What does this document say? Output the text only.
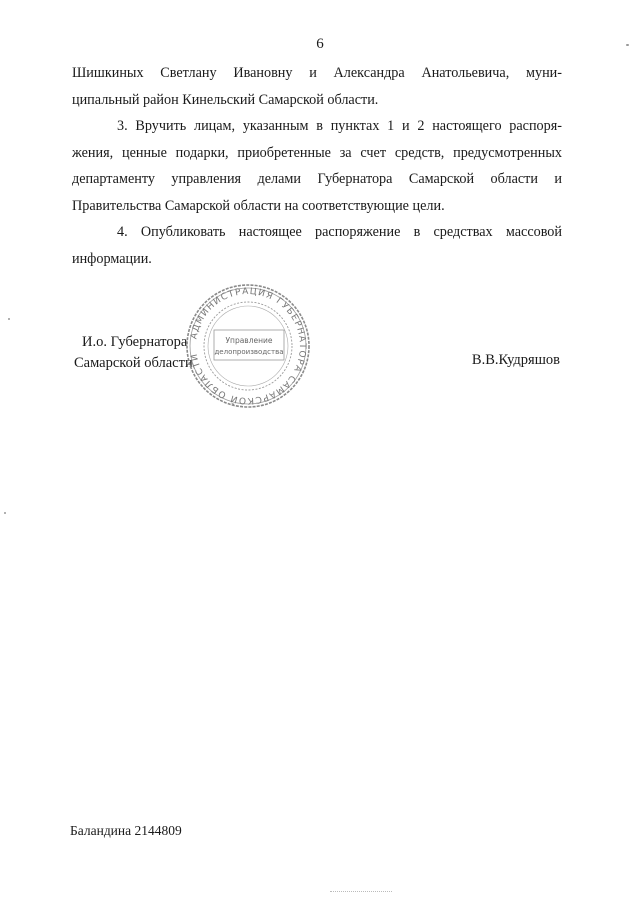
6

Шишкиных Светлану Ивановну и Александра Анатольевича, муни-
ципальный район Кинельский Самарской области.

3. Вручить лицам, указанным в пунктах 1 и 2 настоящего распоря-
жения, ценные подарки, приобретенные за счет средств, предусмотренных
департаменту управления делами Губернатора Самарской области и
Правительства Самарской области на соответствующие цели.

4. Опубликовать настоящее распоряжение в средствах массовой
информации.

И.о. Губернатора
Самарской области
АДМИНИСТРАЦИЯ ГУБЕРНАТОРА САМАРСКОЙ ОБЛАСТИ
Управление
делопроизводства	В.В.Кудряшов
Баландина 2144809
